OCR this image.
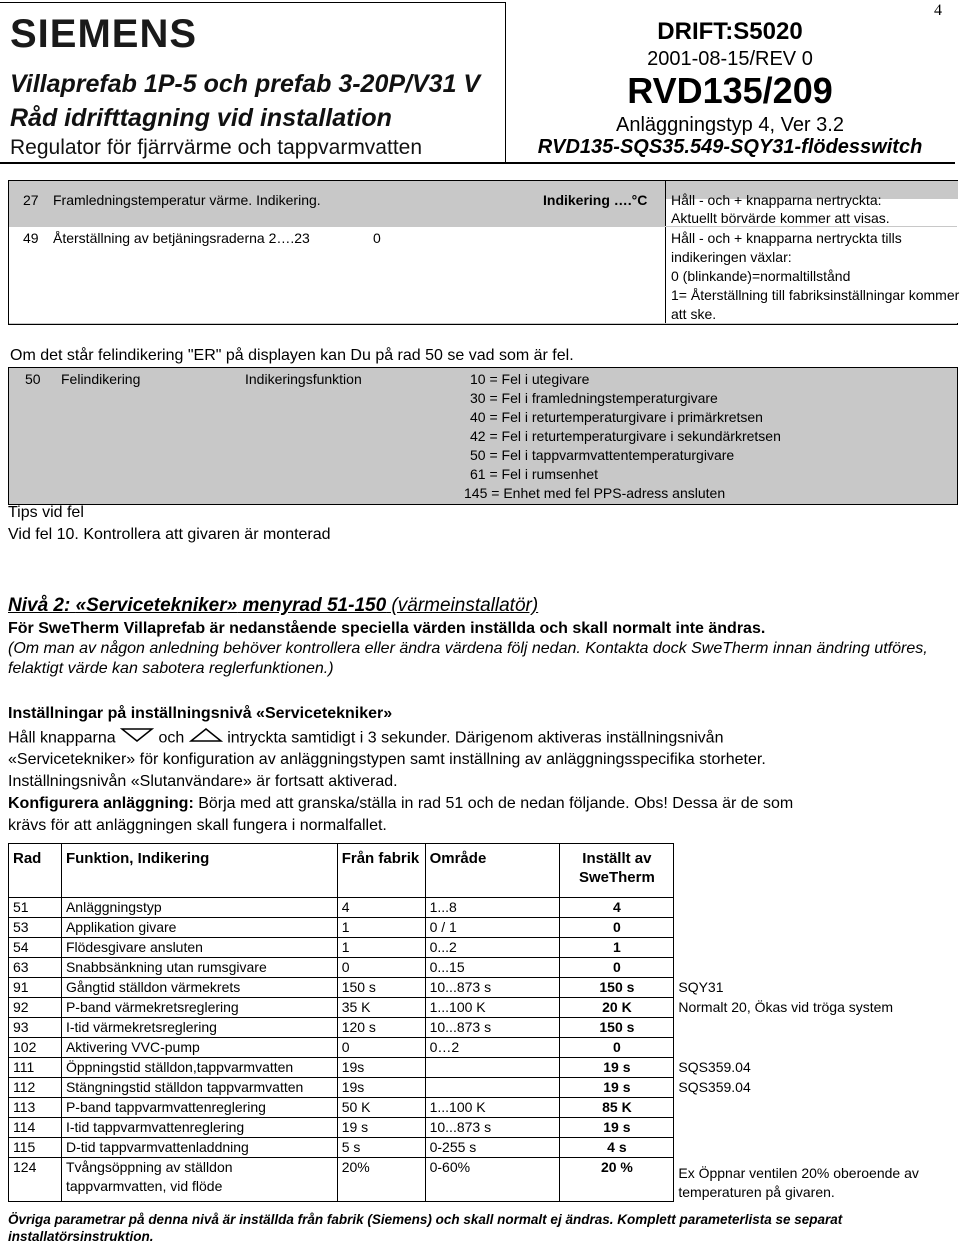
4
SIEMENS
Villaprefab 1P-5 och prefab 3-20P/V31 V
Råd idrifttagning vid installation
Regulator för fjärrvärme och tappvarmvatten
DRIFT:S5020
2001-08-15/REV 0
RVD135/209
Anläggningstyp 4, Ver 3.2
RVD135-SQS35.549-SQY31-flödesswitch
27 Framledningstemperatur värme. Indikering.	Indikering ….°C Håll - och + knapparna nertryckta:
Aktuellt börvärde kommer att visas.
49 Återställning av betjäningsraderna 2….23	0	Håll - och + knapparna nertryckta tills
indikeringen växlar:
0 (blinkande)=normaltillstånd
1= Återställning till fabriksinställningar kommer
att ske.
Om det står felindikering "ER" på displayen kan Du på rad 50 se vad som är fel.
50 Felindikering	Indikeringsfunktion	10 = Fel i utegivare
30 = Fel i framledningstemperaturgivare
40 = Fel i returtemperaturgivare i primärkretsen
42 = Fel i returtemperaturgivare i sekundärkretsen
50 = Fel i tappvarmvattentemperaturgivare
61 = Fel i rumsenhet
145 = Enhet med fel PPS-adress ansluten
Tips vid fel
Vid fel 10. Kontrollera att givaren är monterad
Nivå 2: «Servicetekniker» menyrad 51-150 (värmeinstallatör)
För SweTherm Villaprefab är nedanstående speciella värden inställda och skall normalt inte ändras.
(Om man av någon anledning behöver kontrollera eller ändra värdena följ nedan. Kontakta dock SweTherm innan ändring utföres, felaktigt värde kan sabotera reglerfunktionen.)
Inställningar på inställningsnivå «Servicetekniker»
Håll knapparna	och	intryckta samtidigt i 3 sekunder. Därigenom aktiveras inställningsnivån
«Servicetekniker» för konfiguration av anläggningstypen samt inställning av anläggningsspecifika storheter.
Inställningsnivån «Slutanvändare» är fortsatt aktiverad.
Konfigurera anläggning: Börja med att granska/ställa in rad 51 och de nedan följande. Obs! Dessa är de som
krävs för att anläggningen skall fungera i normalfallet.
Rad	Funktion, Indikering	Från fabrik	Område	Inställt av SweTherm	
51	Anläggningstyp	4	1...8	4	
53	Applikation givare	1	0 / 1	0	
54	Flödesgivare ansluten	1	0...2	1	
63	Snabbsänkning utan rumsgivare	0	0...15	0	
91	Gångtid ställdon värmekrets	150 s	10...873 s	150 s	SQY31
92	P-band värmekretsreglering	35 K	1...100 K	20 K	Normalt 20, Ökas vid tröga system
93	I-tid värmekretsreglering	120 s	10...873 s	150 s	
102	Aktivering VVC-pump	0	0…2	0	
111	Öppningstid ställdon,tappvarmvatten	19s		19 s	SQS359.04
112	Stängningstid ställdon tappvarmvatten	19s		19 s	SQS359.04
113	P-band tappvarmvattenreglering	50 K	1...100 K	85 K	
114	I-tid tappvarmvattenreglering	19 s	10...873 s	19 s	
115	D-tid tappvarmvattenladdning	5 s	0-255 s	4 s	
124	Tvångsöppning av ställdon tappvarmvatten, vid flöde	20%	0-60%	20 %	Ex Öppnar ventilen 20% oberoende av temperaturen på givaren.
Övriga parametrar på denna nivå är inställda från fabrik (Siemens) och skall normalt ej ändras. Komplett parameterlista se separat installatörsinstruktion.
